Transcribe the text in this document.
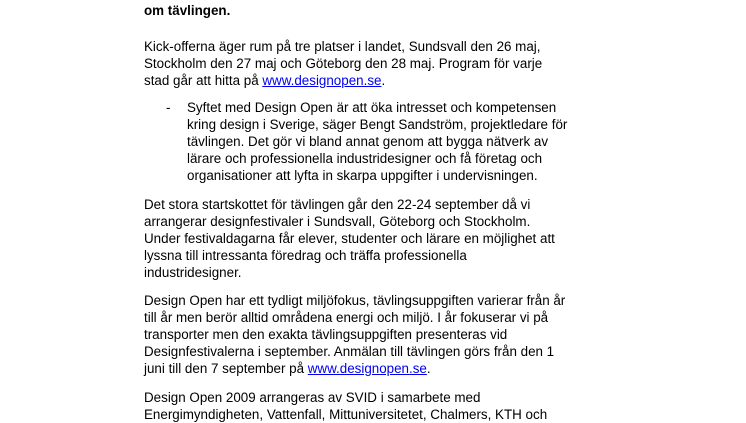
om tävlingen.

Kick-offerna äger rum på tre platser i landet, Sundsvall den 26 maj,
Stockholm den 27 maj och Göteborg den 28 maj. Program för varje
stad går att hitta på www.designopen.se.

- Syftet med Design Open är att öka intresset och kompetensen
kring design i Sverige, säger Bengt Sandström, projektledare för
tävlingen. Det gör vi bland annat genom att bygga nätverk av
lärare och professionella industridesigner och få företag och
organisationer att lyfta in skarpa uppgifter i undervisningen.

Det stora startskottet för tävlingen går den 22-24 september då vi
arrangerar designfestivaler i Sundsvall, Göteborg och Stockholm.
Under festivaldagarna får elever, studenter och lärare en möjlighet att
lyssna till intressanta föredrag och träffa professionella
industridesigner.

Design Open har ett tydligt miljöfokus, tävlingsuppgiften varierar från år
till år men berör alltid områdena energi och miljö. I år fokuserar vi på
transporter men den exakta tävlingsuppgiften presenteras vid
Designfestivalerna i september. Anmälan till tävlingen görs från den 1
juni till den 7 september på www.designopen.se.

Design Open 2009 arrangeras av SVID i samarbete med
Energimyndigheten, Vattenfall, Mittuniversitetet, Chalmers, KTH och
